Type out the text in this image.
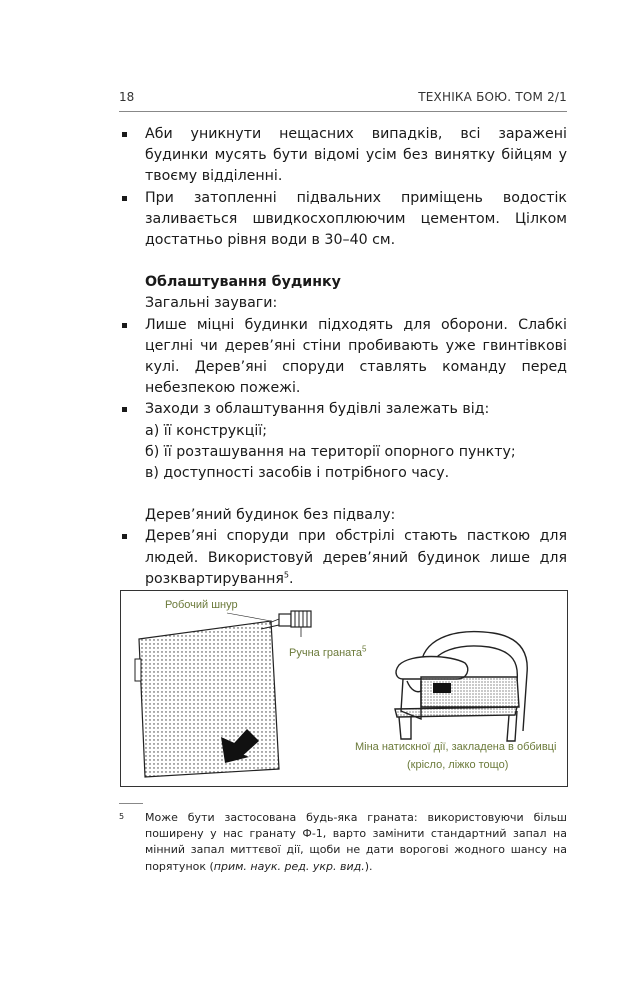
18	ТЕХНІКА БОЮ. ТОМ 2/1
Аби уникнути нещасних випадків, всі заражені будинки мусять бути відомі усім без винятку бійцям у твоєму відділенні.
При затопленні підвальних приміщень водостік заливається швидкосхоплюючим цементом. Цілком достатньо рівня води в 30–40 см.
Облаштування будинку
Загальні зауваги:
Лише міцні будинки підходять для оборони. Слабкі цеглні чи дерев’яні стіни пробивають уже гвинтівкові кулі. Дерев’яні споруди ставлять команду перед небезпекою пожежі.
Заходи з облаштування будівлі залежать від:
а) її конструкції;
б) її розташування на території опорного пункту;
в) доступності засобів і потрібного часу.
Дерев’яний будинок без підвалу:
Дерев’яні споруди при обстрілі стають пасткою для людей. Використовуй дерев’яний будинок лише для розквартирування$^5$.
Робочий шнур
Ручна граната$^5$
Міна натискної дії, закладена в оббивці
(крісло, ліжко тощо)
5	Може бути застосована будь-яка граната: використовуючи більш поширену у нас гранату Ф-1, варто замінити стандартний запал на мінний запал миттєвої дії, щоби не дати ворогові жодного шансу на порятунок (прим. наук. ред. укр. вид.).
